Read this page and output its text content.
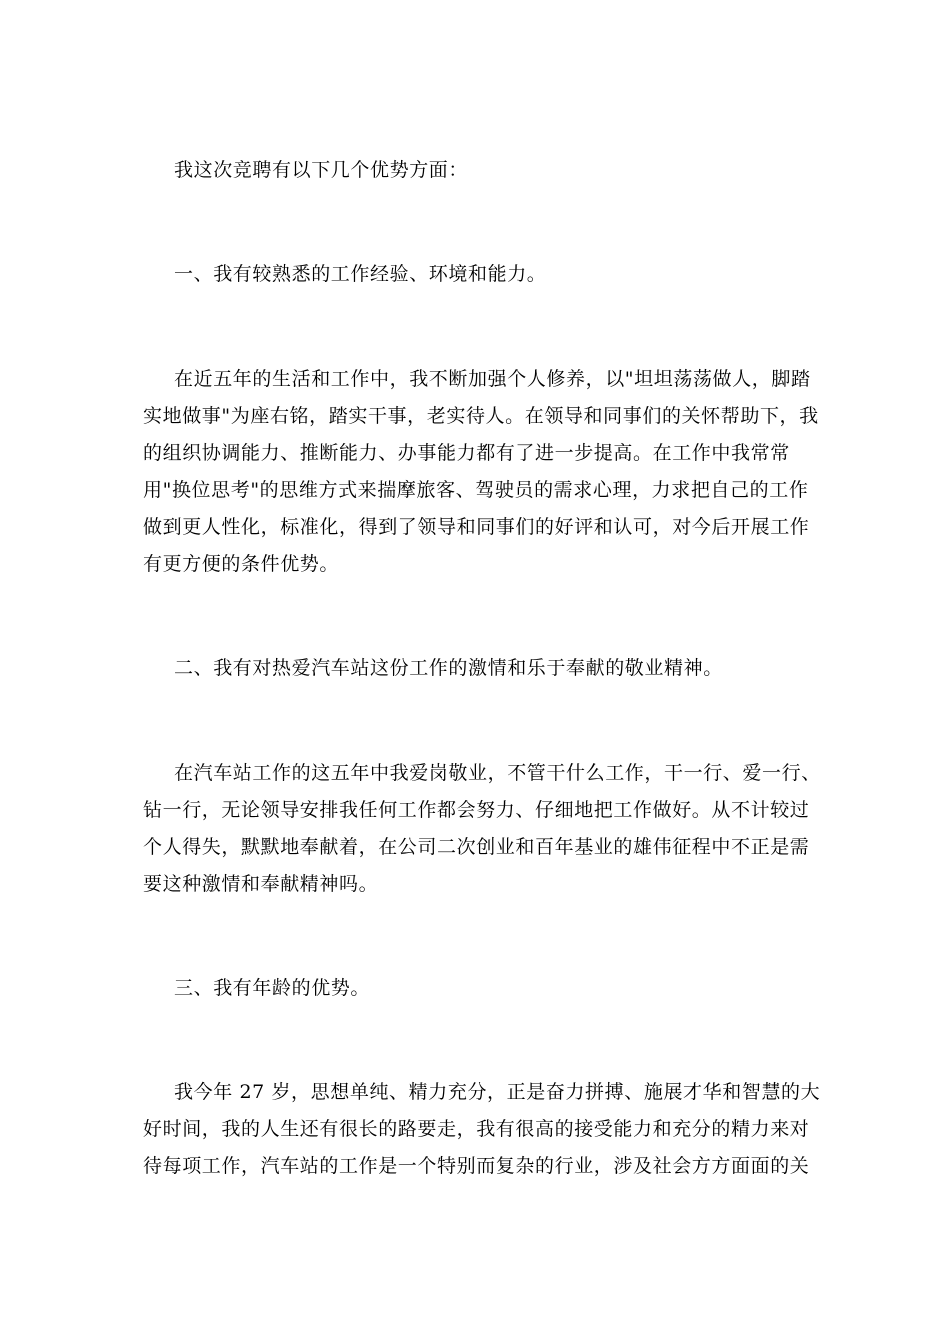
我这次竞聘有以下几个优势方面：
一、我有较熟悉的工作经验、环境和能力。
在近五年的生活和工作中，我不断加强个人修养，以"坦坦荡荡做人，脚踏
实地做事"为座右铭，踏实干事，老实待人。在领导和同事们的关怀帮助下，我
的组织协调能力、推断能力、办事能力都有了进一步提高。在工作中我常常
用"换位思考"的思维方式来揣摩旅客、驾驶员的需求心理，力求把自己的工作
做到更人性化，标准化，得到了领导和同事们的好评和认可，对今后开展工作
有更方便的条件优势。
二、我有对热爱汽车站这份工作的激情和乐于奉献的敬业精神。
在汽车站工作的这五年中我爱岗敬业，不管干什么工作，干一行、爱一行、
钻一行，无论领导安排我任何工作都会努力、仔细地把工作做好。从不计较过
个人得失，默默地奉献着，在公司二次创业和百年基业的雄伟征程中不正是需
要这种激情和奉献精神吗。
三、我有年龄的优势。
我今年 27 岁，思想单纯、精力充分，正是奋力拼搏、施展才华和智慧的大
好时间，我的人生还有很长的路要走，我有很高的接受能力和充分的精力来对
待每项工作，汽车站的工作是一个特别而复杂的行业，涉及社会方方面面的关
